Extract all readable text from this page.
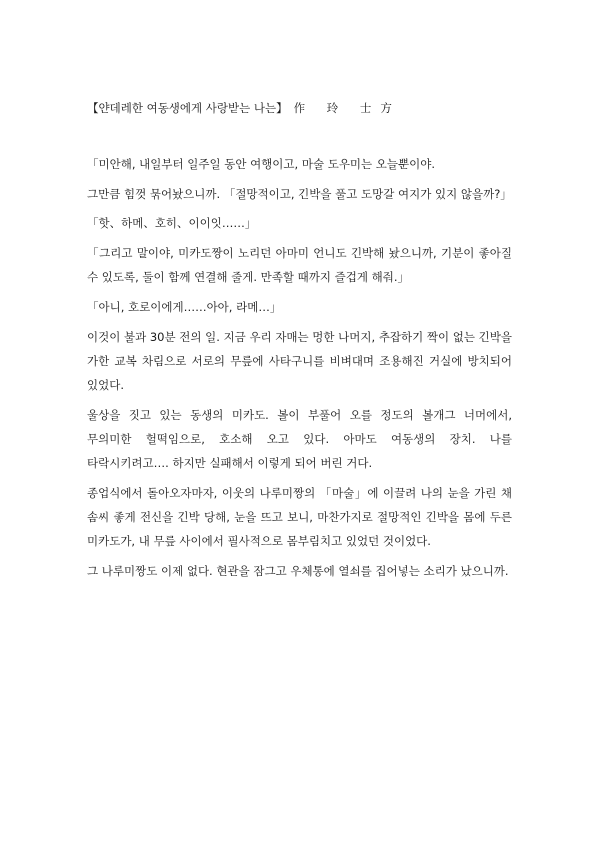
【얀데레한 여동생에게 사랑받는 나는】 作 玲 士方

「미안해, 내일부터 일주일 동안 여행이고, 마술 도우미는 오늘뿐이야.

그만큼 힘껏 묶어놨으니까. 「절망적이고, 긴박을 풀고 도망갈 여지가 있지 않을까?」

「핫、하메、호히、이이잇……」

「그리고 말이야, 미카도짱이 노리던 아마미 언니도 긴박해 놨으니까, 기분이 좋아질 수 있도록, 둘이 함께 연결해 줄게. 만족할 때까지 즐겁게 해줘.」

「아니, 호로이에게……아아, 라메…」

이것이 불과 30분 전의 일. 지금 우리 자매는 멍한 나머지, 추잡하기 짝이 없는 긴박을 가한 교복 차림으로 서로의 무릎에 사타구니를 비벼대며 조용해진 거실에 방치되어 있었다.

울상을 짓고 있는 동생의 미카도. 볼이 부풀어 오를 정도의 볼개그 너머에서, 무의미한 헐떡임으로, 호소해 오고 있다. 아마도 여동생의 장치. 나를 타락시키려고…. 하지만 실패해서 이렇게 되어 버린 거다.

종업식에서 돌아오자마자, 이웃의 나루미짱의 「마술」에 이끌려 나의 눈을 가린 채 솜씨 좋게 전신을 긴박 당해, 눈을 뜨고 보니, 마찬가지로 절망적인 긴박을 몸에 두른 미카도가, 내 무릎 사이에서 필사적으로 몸부림치고 있었던 것이었다.

그 나루미짱도 이제 없다. 현관을 잠그고 우체통에 열쇠를 집어넣는 소리가 났으니까.
